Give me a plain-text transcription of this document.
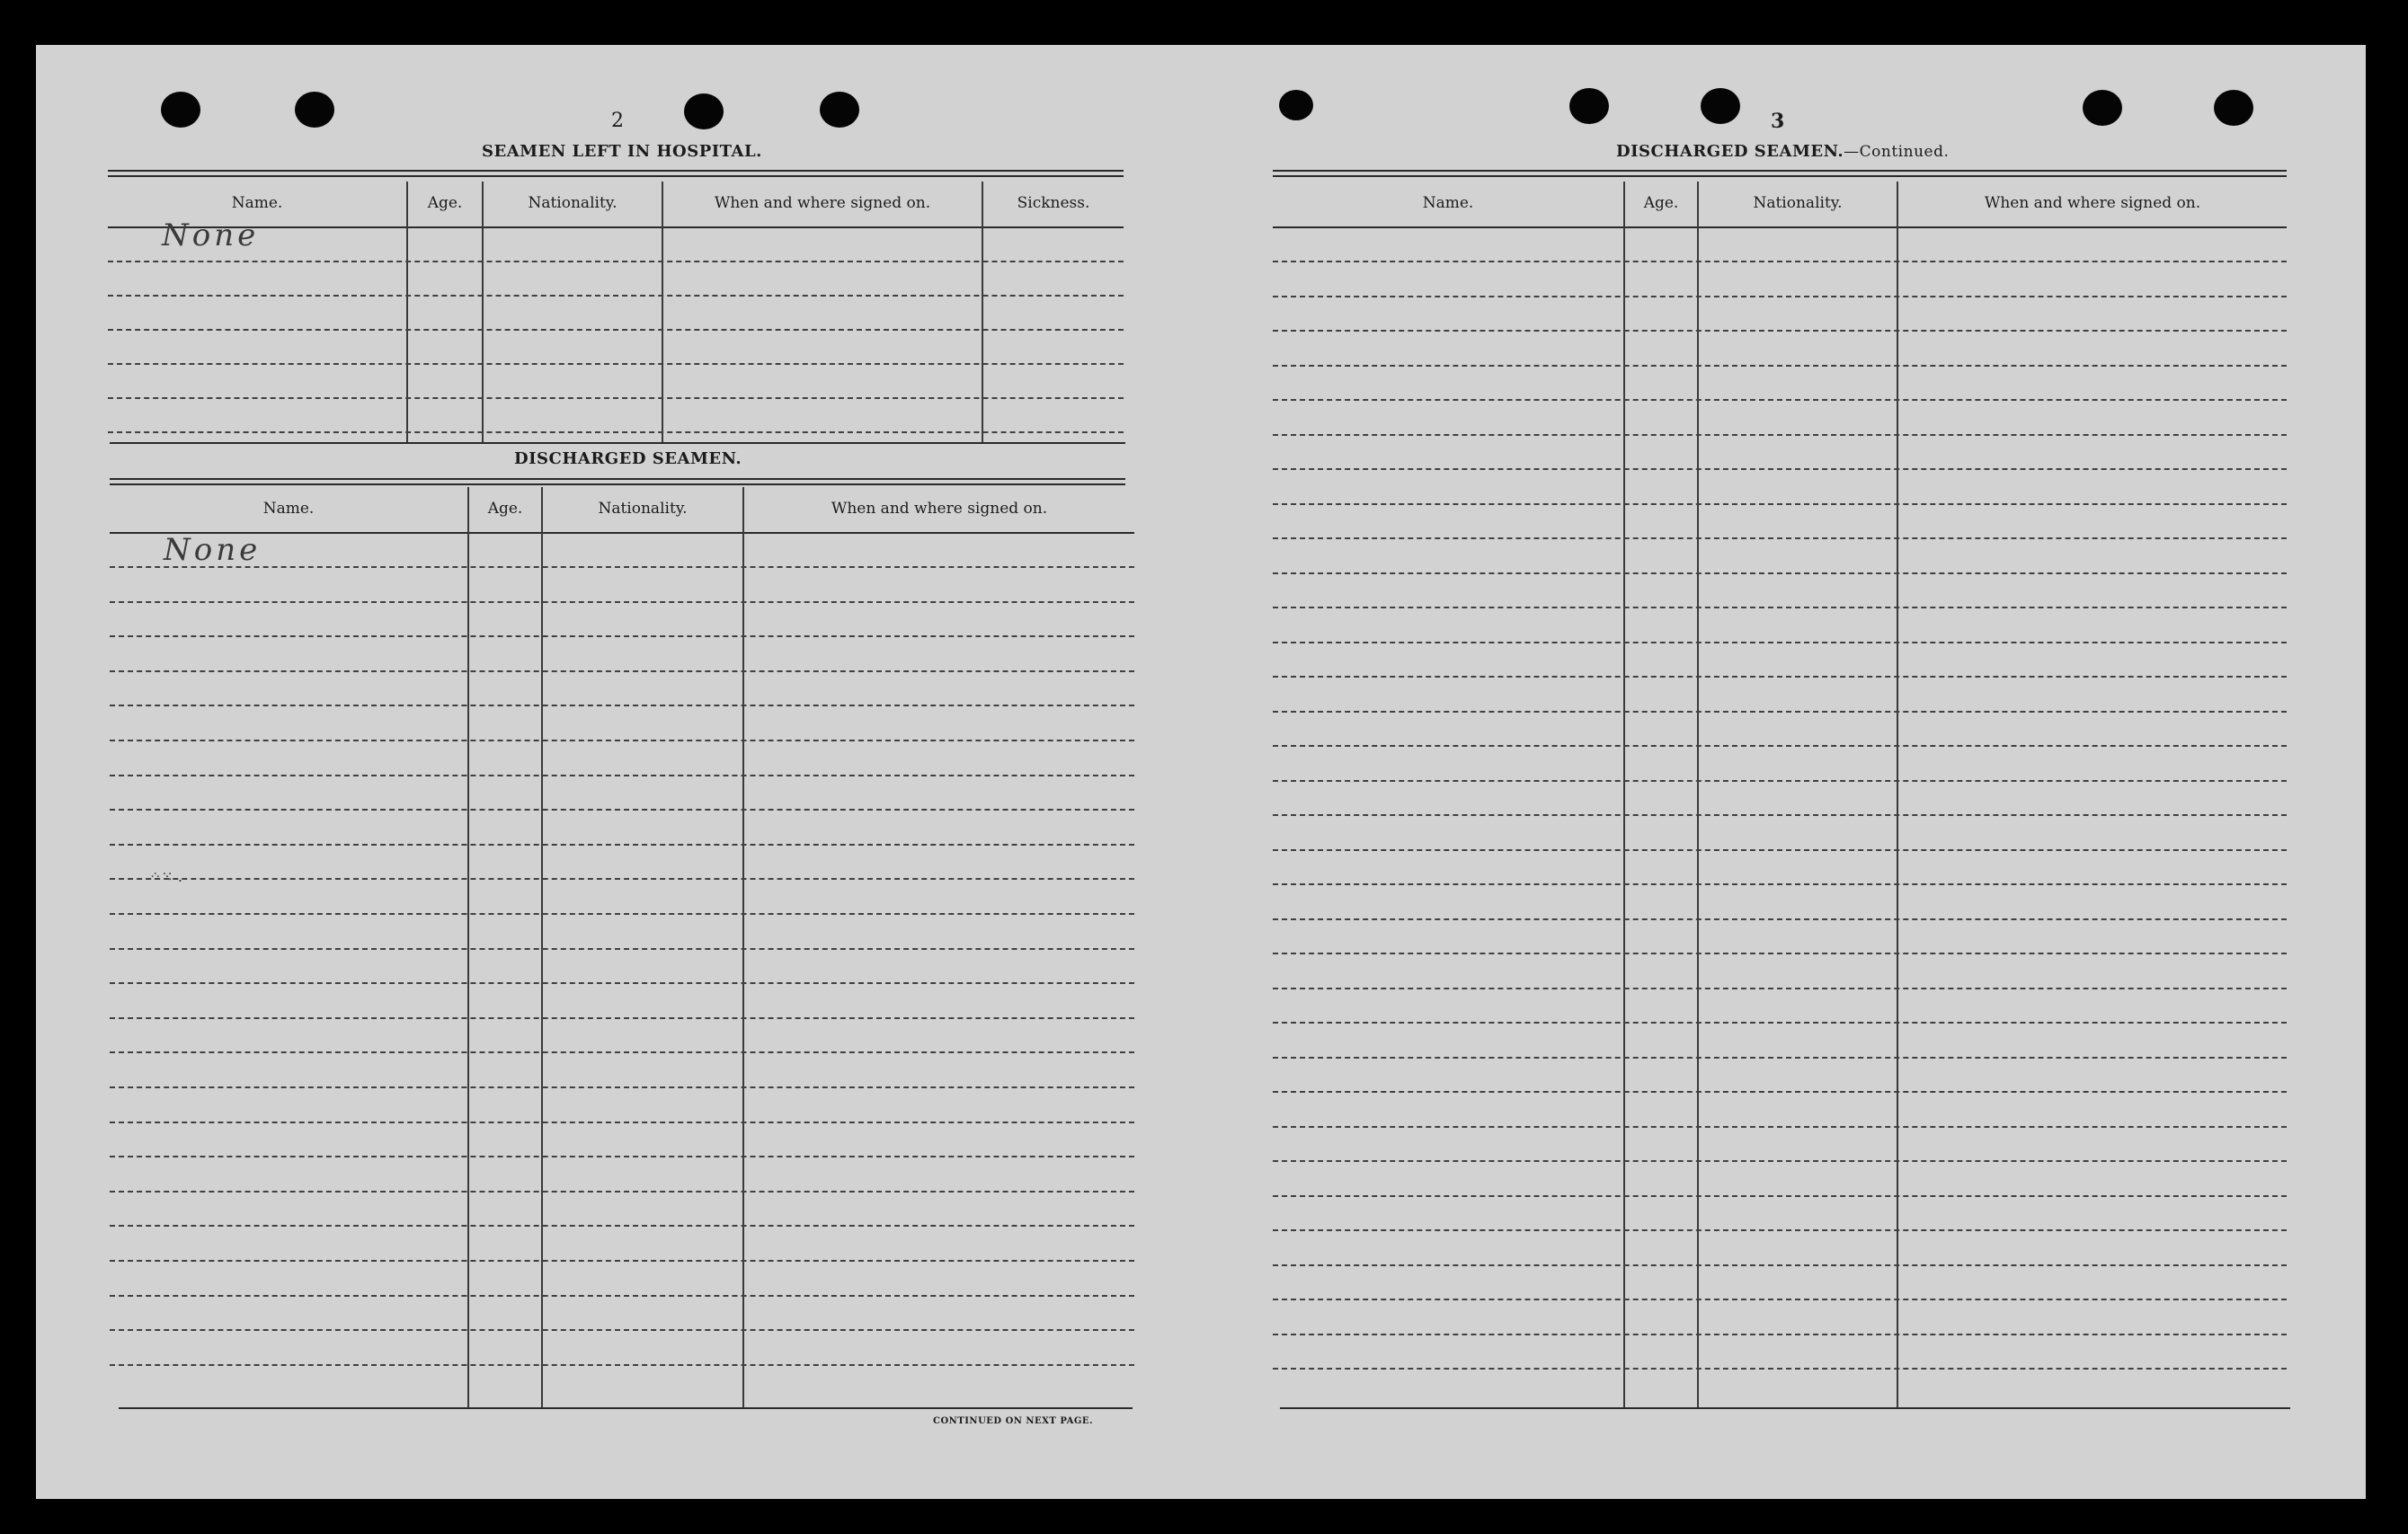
2
SEAMEN LEFT IN HOSPITAL.
Name.	Age.	Nationality.	When and where signed on.	Sickness.
None
DISCHARGED SEAMEN.
Name.	Age.	Nationality.	When and where signed on.
None
⁘⁙ .
CONTINUED ON NEXT PAGE.
3
DISCHARGED SEAMEN.—Continued.
Name.	Age.	Nationality.	When and where signed on.
